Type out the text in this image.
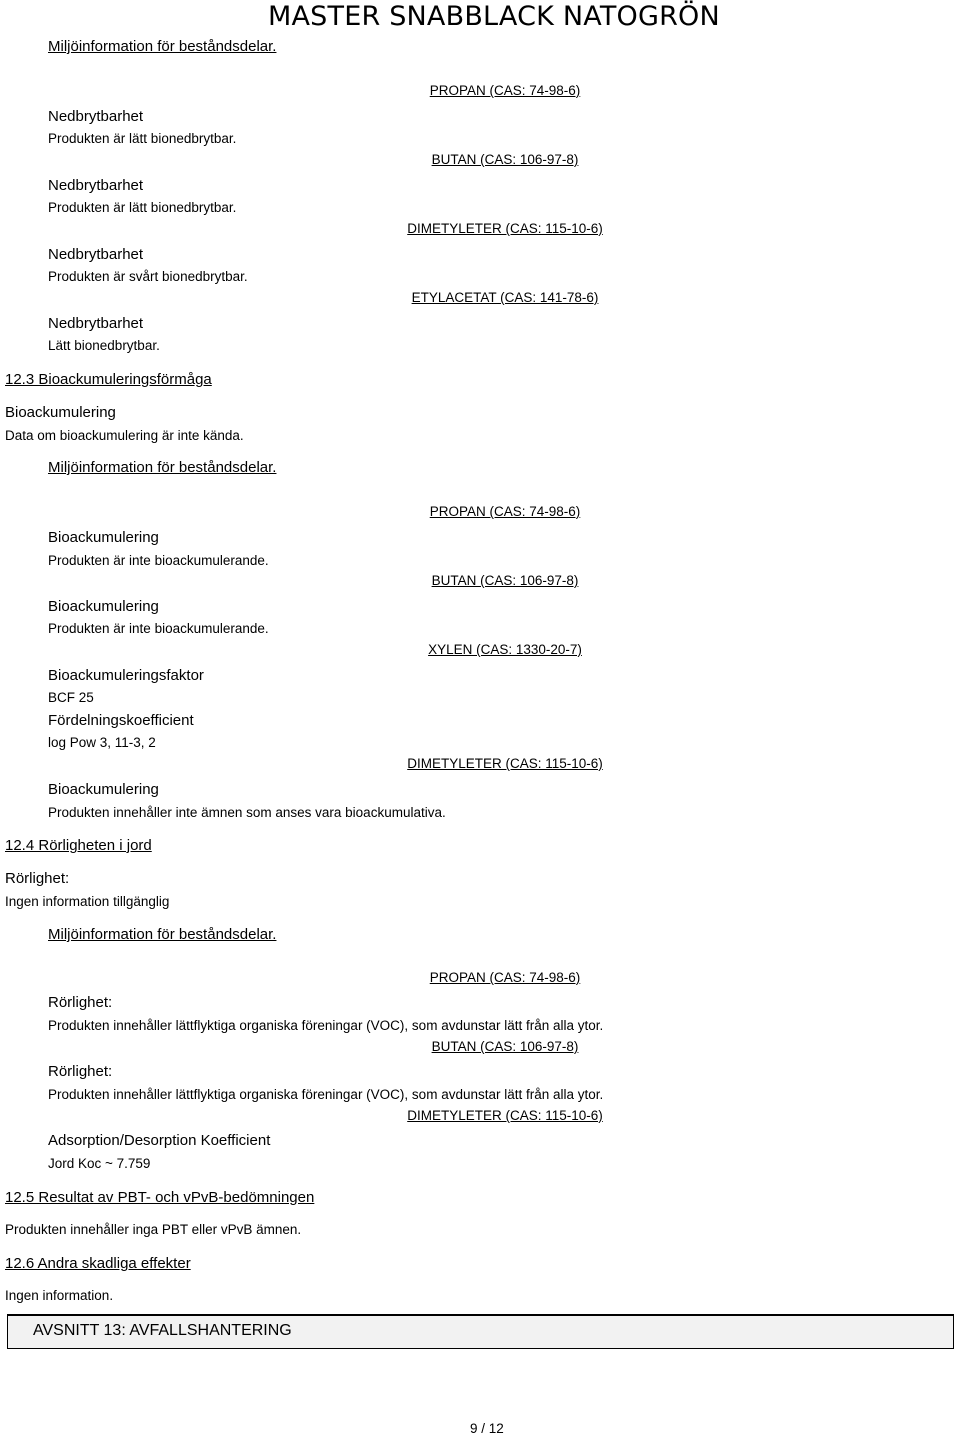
MASTER SNABBLACK NATOGRÖN
Miljöinformation för beståndsdelar.
PROPAN (CAS: 74-98-6)
BUTAN (CAS: 106-97-8)
DIMETYLETER (CAS: 115-10-6)
ETYLACETAT (CAS: 141-78-6)
Nedbrytbarhet
Produkten är lätt bionedbrytbar.
Nedbrytbarhet
Produkten är lätt bionedbrytbar.
Nedbrytbarhet
Produkten är svårt bionedbrytbar.
Nedbrytbarhet
Lätt bionedbrytbar.
12.3 Bioackumuleringsförmåga
Bioackumulering
Data om bioackumulering är inte kända.
Miljöinformation för beståndsdelar.
PROPAN (CAS: 74-98-6)
BUTAN (CAS: 106-97-8)
XYLEN (CAS: 1330-20-7)
DIMETYLETER (CAS: 115-10-6)
Bioackumulering
Produkten är inte bioackumulerande.
Bioackumulering
Produkten är inte bioackumulerande.
Bioackumuleringsfaktor
BCF 25
Fördelningskoefficient
log Pow 3, 11-3, 2
Bioackumulering
Produkten innehåller inte ämnen som anses vara bioackumulativa.
12.4 Rörligheten i jord
Rörlighet:
Ingen information tillgänglig
Miljöinformation för beståndsdelar.
PROPAN (CAS: 74-98-6)
BUTAN (CAS: 106-97-8)
DIMETYLETER (CAS: 115-10-6)
Rörlighet:
Produkten innehåller lättflyktiga organiska föreningar (VOC), som avdunstar lätt från alla ytor.
Rörlighet:
Produkten innehåller lättflyktiga organiska föreningar (VOC), som avdunstar lätt från alla ytor.
Adsorption/Desorption Koefficient
Jord Koc ~ 7.759
12.5 Resultat av PBT- och vPvB-bedömningen
Produkten innehåller inga PBT eller vPvB ämnen.
12.6 Andra skadliga effekter
Ingen information.
AVSNITT 13: AVFALLSHANTERING
9 / 12
